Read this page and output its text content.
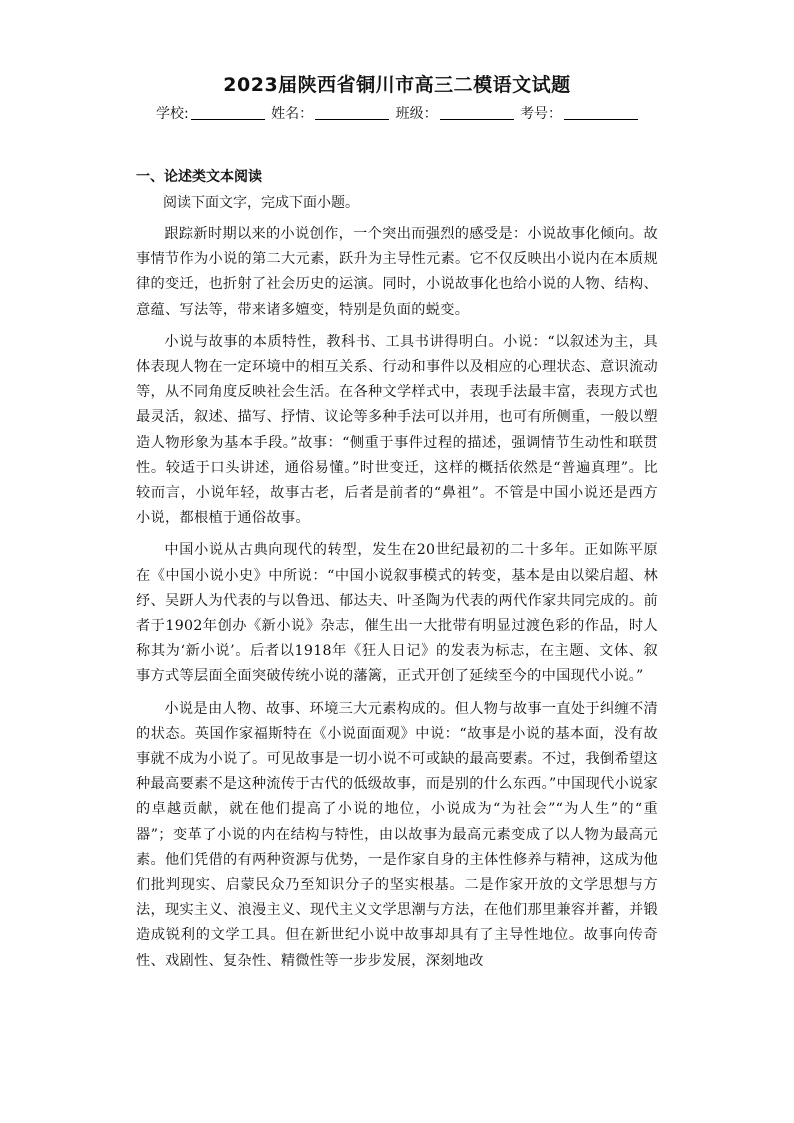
2023届陕西省铜川市高三二模语文试题
学校:	姓名：	班级：	考号：
一、论述类文本阅读
阅读下面文字，完成下面小题。

跟踪新时期以来的小说创作，一个突出而强烈的感受是：小说故事化倾向。故事情节作为小说的第二大元素，跃升为主导性元素。它不仅反映出小说内在本质规律的变迁，也折射了社会历史的运演。同时，小说故事化也给小说的人物、结构、意蕴、写法等，带来诸多嬗变，特别是负面的蜕变。

小说与故事的本质特性，教科书、工具书讲得明白。小说：“以叙述为主，具体表现人物在一定环境中的相互关系、行动和事件以及相应的心理状态、意识流动等，从不同角度反映社会生活。在各种文学样式中，表现手法最丰富，表现方式也最灵活，叙述、描写、抒情、议论等多种手法可以并用，也可有所侧重，一般以塑造人物形象为基本手段。”故事：“侧重于事件过程的描述，强调情节生动性和联贯性。较适于口头讲述，通俗易懂。”时世变迁，这样的概括依然是“普遍真理”。比较而言，小说年轻，故事古老，后者是前者的“鼻祖”。不管是中国小说还是西方小说，都根植于通俗故事。

中国小说从古典向现代的转型，发生在20世纪最初的二十多年。正如陈平原在《中国小说小史》中所说：“中国小说叙事模式的转变，基本是由以梁启超、林纾、吴趼人为代表的与以鲁迅、郁达夫、叶圣陶为代表的两代作家共同完成的。前者于1902年创办《新小说》杂志，催生出一大批带有明显过渡色彩的作品，时人称其为‘新小说’。后者以1918年《狂人日记》的发表为标志，在主题、文体、叙事方式等层面全面突破传统小说的藩篱，正式开创了延续至今的中国现代小说。”

小说是由人物、故事、环境三大元素构成的。但人物与故事一直处于纠缠不清的状态。英国作家福斯特在《小说面面观》中说：“故事是小说的基本面，没有故事就不成为小说了。可见故事是一切小说不可或缺的最高要素。不过，我倒希望这种最高要素不是这种流传于古代的低级故事，而是别的什么东西。”中国现代小说家的卓越贡献，就在他们提高了小说的地位，小说成为“为社会”“为人生”的“重器”；变革了小说的内在结构与特性，由以故事为最高元素变成了以人物为最高元素。他们凭借的有两种资源与优势，一是作家自身的主体性修养与精神，这成为他们批判现实、启蒙民众乃至知识分子的坚实根基。二是作家开放的文学思想与方法，现实主义、浪漫主义、现代主义文学思潮与方法，在他们那里兼容并蓄，并锻造成锐利的文学工具。但在新世纪小说中故事却具有了主导性地位。故事向传奇性、戏剧性、复杂性、精微性等一步步发展，深刻地改
